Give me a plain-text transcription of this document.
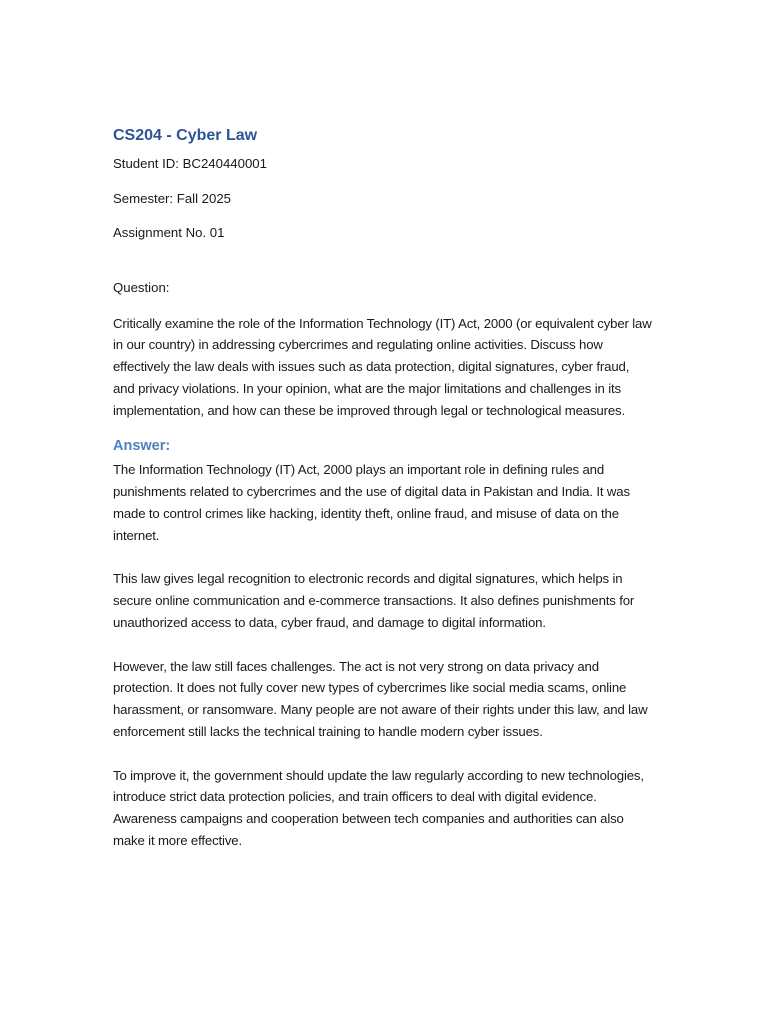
CS204 - Cyber Law
Student ID: BC240440001
Semester: Fall 2025
Assignment No. 01
Question:

Critically examine the role of the Information Technology (IT) Act, 2000 (or equivalent cyber law in our country) in addressing cybercrimes and regulating online activities. Discuss how effectively the law deals with issues such as data protection, digital signatures, cyber fraud, and privacy violations. In your opinion, what are the major limitations and challenges in its implementation, and how can these be improved through legal or technological measures.

Answer:

The Information Technology (IT) Act, 2000 plays an important role in defining rules and punishments related to cybercrimes and the use of digital data in Pakistan and India. It was made to control crimes like hacking, identity theft, online fraud, and misuse of data on the internet.

This law gives legal recognition to electronic records and digital signatures, which helps in secure online communication and e-commerce transactions. It also defines punishments for unauthorized access to data, cyber fraud, and damage to digital information.

However, the law still faces challenges. The act is not very strong on data privacy and protection. It does not fully cover new types of cybercrimes like social media scams, online harassment, or ransomware. Many people are not aware of their rights under this law, and law enforcement still lacks the technical training to handle modern cyber issues.

To improve it, the government should update the law regularly according to new technologies, introduce strict data protection policies, and train officers to deal with digital evidence. Awareness campaigns and cooperation between tech companies and authorities can also make it more effective.
